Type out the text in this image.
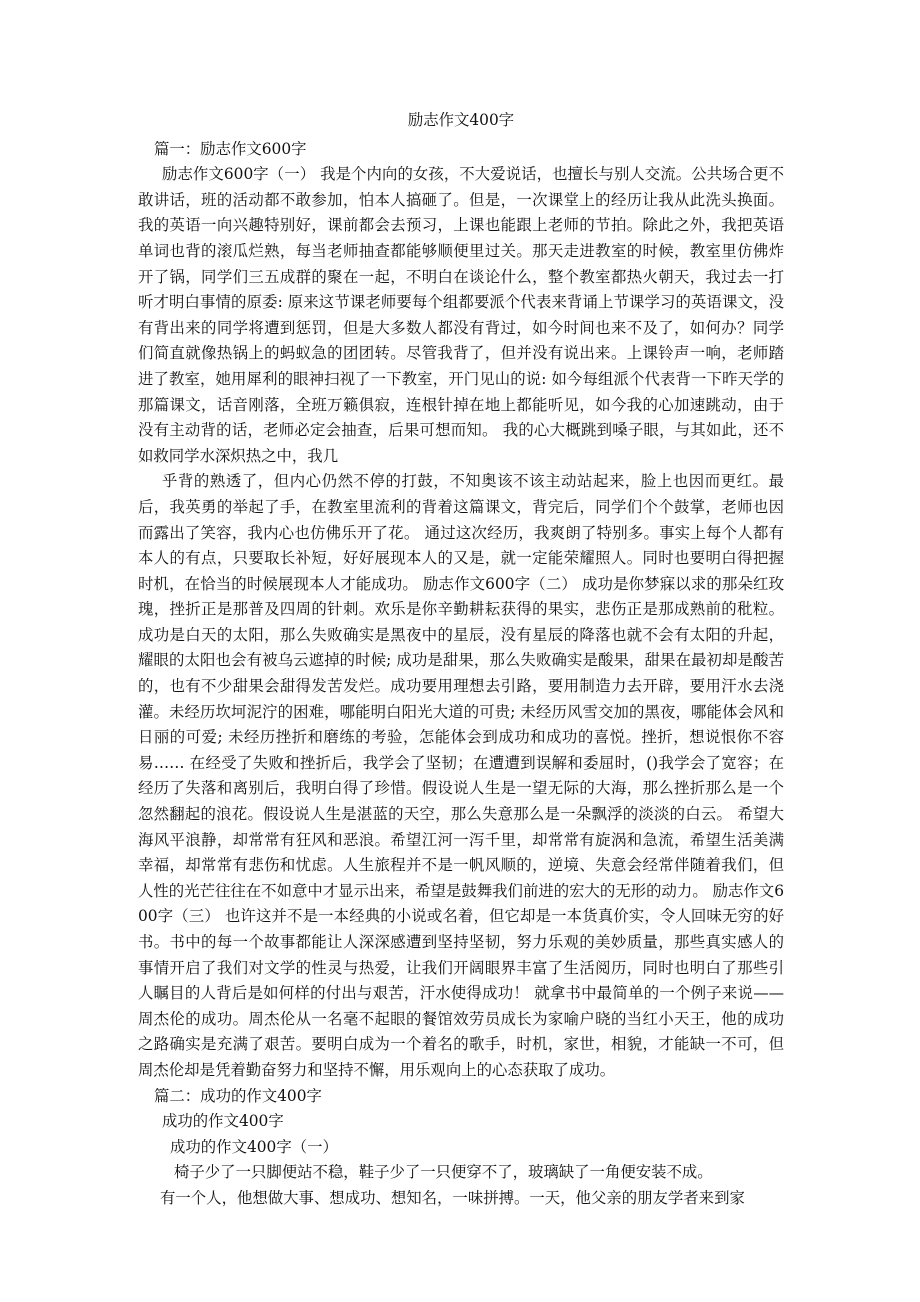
励志作文400字

篇一：励志作文600字

励志作文600字（一） 我是个内向的女孩，不大爱说话，也擅长与别人交流。公共场合更不敢讲话，班的活动都不敢参加，怕本人搞砸了。但是，一次课堂上的经历让我从此洗头换面。 我的英语一向兴趣特别好，课前都会去预习，上课也能跟上老师的节拍。除此之外，我把英语单词也背的滚瓜烂熟，每当老师抽查都能够顺便里过关。那天走进教室的时候，教室里仿佛炸开了锅，同学们三五成群的聚在一起，不明白在谈论什么，整个教室都热火朝天，我过去一打听才明白事情的原委: 原来这节课老师要每个组都要派个代表来背诵上节课学习的英语课文，没有背出来的同学将遭到惩罚，但是大多数人都没有背过，如今时间也来不及了，如何办？同学们简直就像热锅上的蚂蚁急的团团转。尽管我背了，但并没有说出来。上课铃声一响，老师踏进了教室，她用犀利的眼神扫视了一下教室，开门见山的说: 如今每组派个代表背一下昨天学的那篇课文，话音刚落，全班万籁俱寂，连根针掉在地上都能听见，如今我的心加速跳动，由于没有主动背的话，老师必定会抽查，后果可想而知。 我的心大概跳到嗓子眼，与其如此，还不如救同学水深炽热之中，我几

乎背的熟透了，但内心仍然不停的打鼓，不知奥该不该主动站起来，脸上也因而更红。最后，我英勇的举起了手，在教室里流利的背着这篇课文，背完后，同学们个个鼓掌，老师也因而露出了笑容，我内心也仿佛乐开了花。 通过这次经历，我爽朗了特别多。事实上每个人都有本人的有点，只要取长补短，好好展现本人的又是，就一定能荣耀照人。同时也要明白得把握时机，在恰当的时候展现本人才能成功。 励志作文600字（二） 成功是你梦寐以求的那朵红玫瑰，挫折正是那普及四周的针刺。欢乐是你辛勤耕耘获得的果实，悲伤正是那成熟前的秕粒。成功是白天的太阳，那么失败确实是黑夜中的星辰，没有星辰的降落也就不会有太阳的升起，耀眼的太阳也会有被乌云遮掉的时候; 成功是甜果，那么失败确实是酸果，甜果在最初却是酸苦的，也有不少甜果会甜得发苦发烂。成功要用理想去引路，要用制造力去开辟，要用汗水去浇灌。未经历坎坷泥泞的困难，哪能明白阳光大道的可贵; 未经历风雪交加的黑夜，哪能体会风和日丽的可爱; 未经历挫折和磨练的考验，怎能体会到成功和成功的喜悦。挫折，想说恨你不容易…… 在经受了失败和挫折后，我学会了坚韧；在遭遭到误解和委屈时，()我学会了宽容；在经历了失落和离别后，我明白得了珍惜。假设说人生是一望无际的大海，那么挫折那么是一个忽然翻起的浪花。假设说人生是湛蓝的天空，那么失意那么是一朵飘浮的淡淡的白云。 希望大海风平浪静，却常常有狂风和恶浪。希望江河一泻千里，却常常有旋涡和急流，希望生活美满幸福，却常常有悲伤和忧虑。人生旅程并不是一帆风顺的，逆境、失意会经常伴随着我们，但人性的光芒往往在不如意中才显示出来，希望是鼓舞我们前进的宏大的无形的动力。 励志作文600字（三） 也许这并不是一本经典的小说或名着，但它却是一本货真价实，令人回味无穷的好书。书中的每一个故事都能让人深深感遭到坚持坚韧，努力乐观的美妙质量，那些真实感人的事情开启了我们对文学的性灵与热爱，让我们开阔眼界丰富了生活阅历，同时也明白了那些引人瞩目的人背后是如何样的付出与艰苦，汗水使得成功！ 就拿书中最简单的一个例子来说——周杰伦的成功。周杰伦从一名毫不起眼的餐馆效劳员成长为家喻户晓的当红小天王，他的成功之路确实是充满了艰苦。要明白成为一个着名的歌手，时机，家世，相貌，才能缺一不可，但周杰伦却是凭着勤奋努力和坚持不懈，用乐观向上的心态获取了成功。

篇二：成功的作文400字

成功的作文400字

成功的作文400字（一）

椅子少了一只脚便站不稳，鞋子少了一只便穿不了，玻璃缺了一角便安装不成。

有一个人，他想做大事、想成功、想知名，一味拼搏。一天，他父亲的朋友学者来到家
